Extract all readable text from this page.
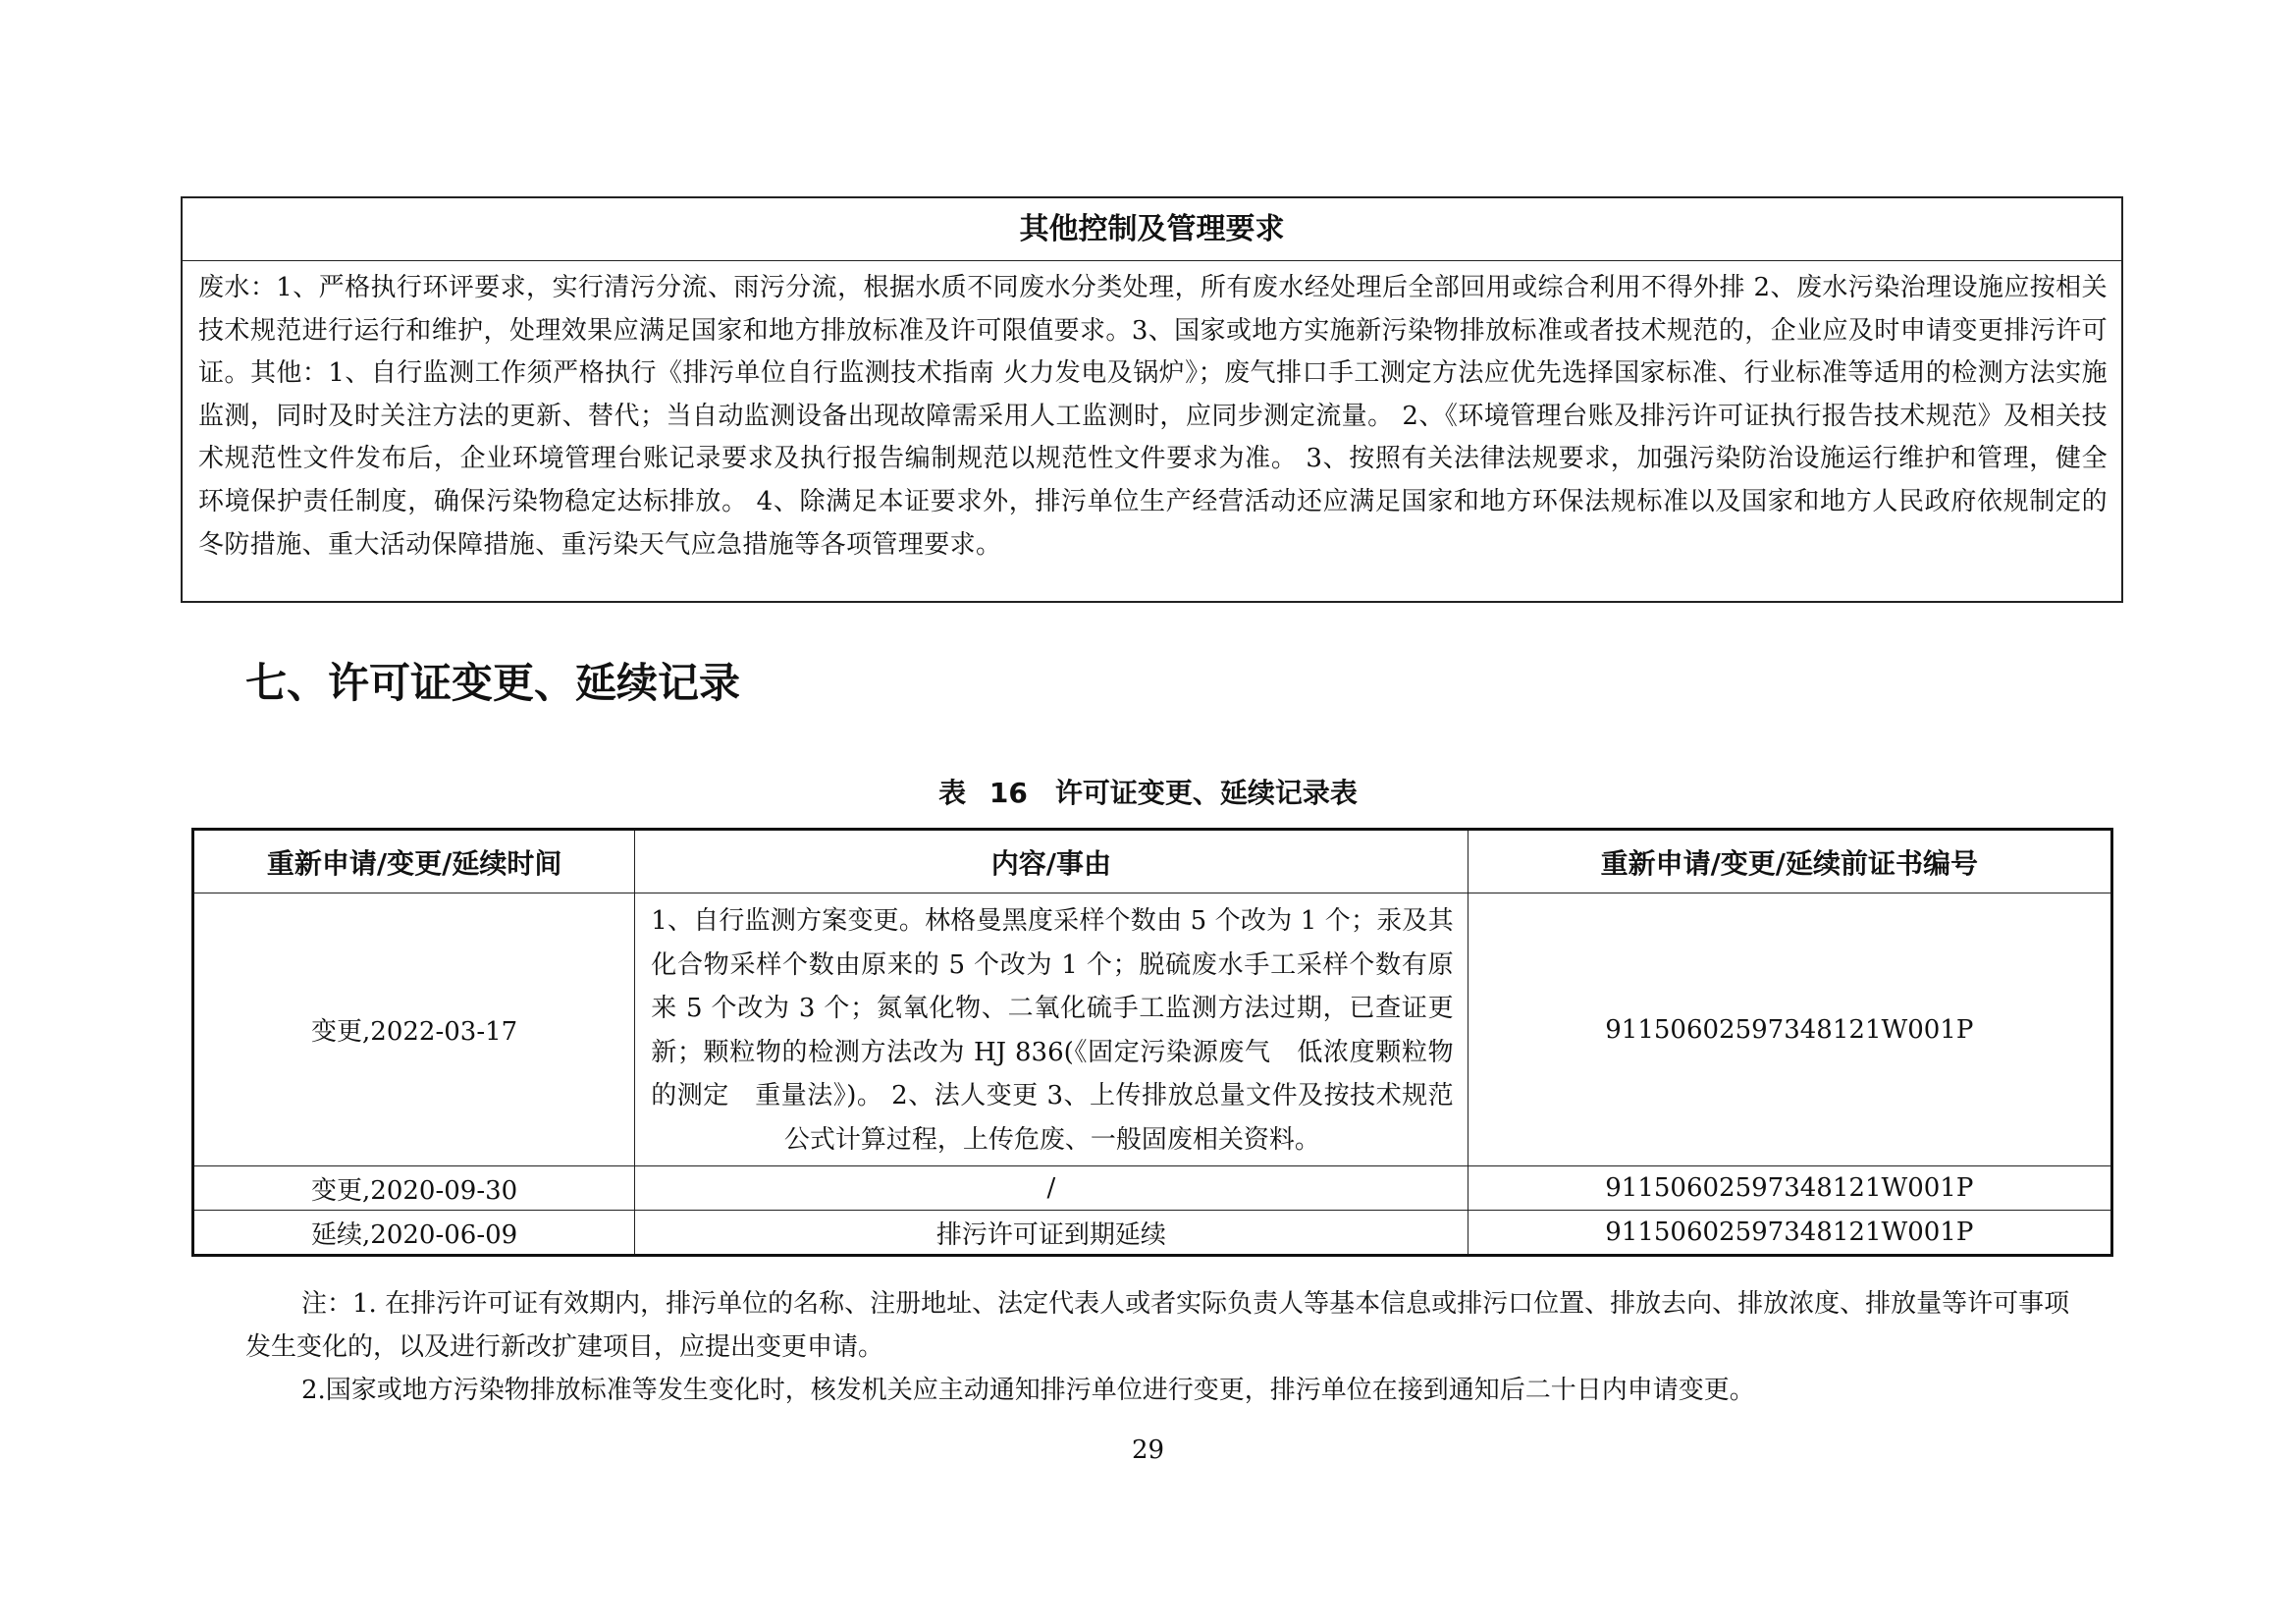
其他控制及管理要求
废水：1、严格执行环评要求，实行清污分流、雨污分流，根据水质不同废水分类处理，所有废水经处理后全部回用或综合利用不得外排 2、废水污染治理设施应按相关技术规范进行运行和维护，处理效果应满足国家和地方排放标准及许可限值要求。3、国家或地方实施新污染物排放标准或者技术规范的，企业应及时申请变更排污许可证。其他：1、自行监测工作须严格执行《排污单位自行监测技术指南 火力发电及锅炉》；废气排口手工测定方法应优先选择国家标准、行业标准等适用的检测方法实施监测，同时及时关注方法的更新、替代；当自动监测设备出现故障需采用人工监测时，应同步测定流量。 2、《环境管理台账及排污许可证执行报告技术规范》及相关技术规范性文件发布后，企业环境管理台账记录要求及执行报告编制规范以规范性文件要求为准。 3、按照有关法律法规要求，加强污染防治设施运行维护和管理，健全环境保护责任制度，确保污染物稳定达标排放。 4、除满足本证要求外，排污单位生产经营活动还应满足国家和地方环保法规标准以及国家和地方人民政府依规制定的冬防措施、重大活动保障措施、重污染天气应急措施等各项管理要求。
七、许可证变更、延续记录
表 16　许可证变更、延续记录表
重新申请/变更/延续时间	内容/事由	重新申请/变更/延续前证书编号
变更,2022-03-17	1、自行监测方案变更。林格曼黑度采样个数由 5 个改为 1 个；汞及其化合物采样个数由原来的 5 个改为 1 个；脱硫废水手工采样个数有原来 5 个改为 3 个；氮氧化物、二氧化硫手工监测方法过期，已查证更新；颗粒物的检测方法改为 HJ 836(《固定污染源废气　低浓度颗粒物的测定　重量法》)。 2、法人变更 3、上传排放总量文件及按技术规范公式计算过程，上传危废、一般固废相关资料。	91150602597348121W001P
变更,2020-09-30	/	91150602597348121W001P
延续,2020-06-09	排污许可证到期延续	91150602597348121W001P

注：1. 在排污许可证有效期内，排污单位的名称、注册地址、法定代表人或者实际负责人等基本信息或排污口位置、排放去向、排放浓度、排放量等许可事项发生变化的，以及进行新改扩建项目，应提出变更申请。

2.国家或地方污染物排放标准等发生变化时，核发机关应主动通知排污单位进行变更，排污单位在接到通知后二十日内申请变更。

29
